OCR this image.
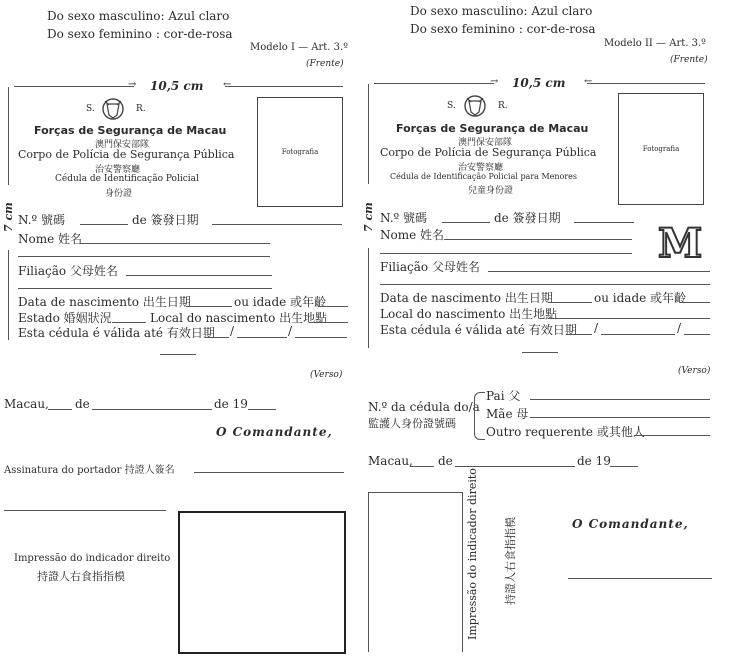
Do sexo masculino: Azul claro
Do sexo feminino : cor-de-rosa
Modelo I — Art. 3.º
(Frente)
10,5 cm
→	←
7 cm
S.	R.
Forças de Segurança de Macau
澳門保安部隊
Corpo de Polícia de Segurança Pública
治安警察廳
Cédula de Identificação Policial
身份證
Fotografia
N.º 號碼	de 簽發日期
Nome 姓名
Filiação 父母姓名
Data de nascimento 出生日期	ou idade 或年齡
Estado 婚姻狀況	Local do nascimento 出生地點
Esta cédula é válida até 有效日期 /	/
(Verso)
Macau, de	de 19
O Comandante,
Assinatura do portador 持證人簽名
Impressão do indicador direito
持證人右食指指模
Do sexo masculino: Azul claro
Do sexo feminino : cor-de-rosa
Modelo II — Art. 3.º
(Frente)
10,5 cm
→	←
7 cm
S.	R.
Forças de Segurança de Macau
澳門保安部隊
Corpo de Polícia de Segurança Pública
治安警察廳
Cédula de Identificação Policial para Menores
兒童身份證
Fotografia
N.º 號碼	de 簽發日期
Nome 姓名	M
Filiação 父母姓名
Data de nascimento 出生日期	ou idade 或年齡
Local do nascimento 出生地點
Esta cédula é válida até 有效日期 /	/
(Verso)
N.º da cédula do/a
監護人身份證號碼
Pai 父
Mãe 母
Outro requerente 或其他人
Macau, de	de 19
Impressão do indicador direito 持證人右食指指模	O Comandante,
